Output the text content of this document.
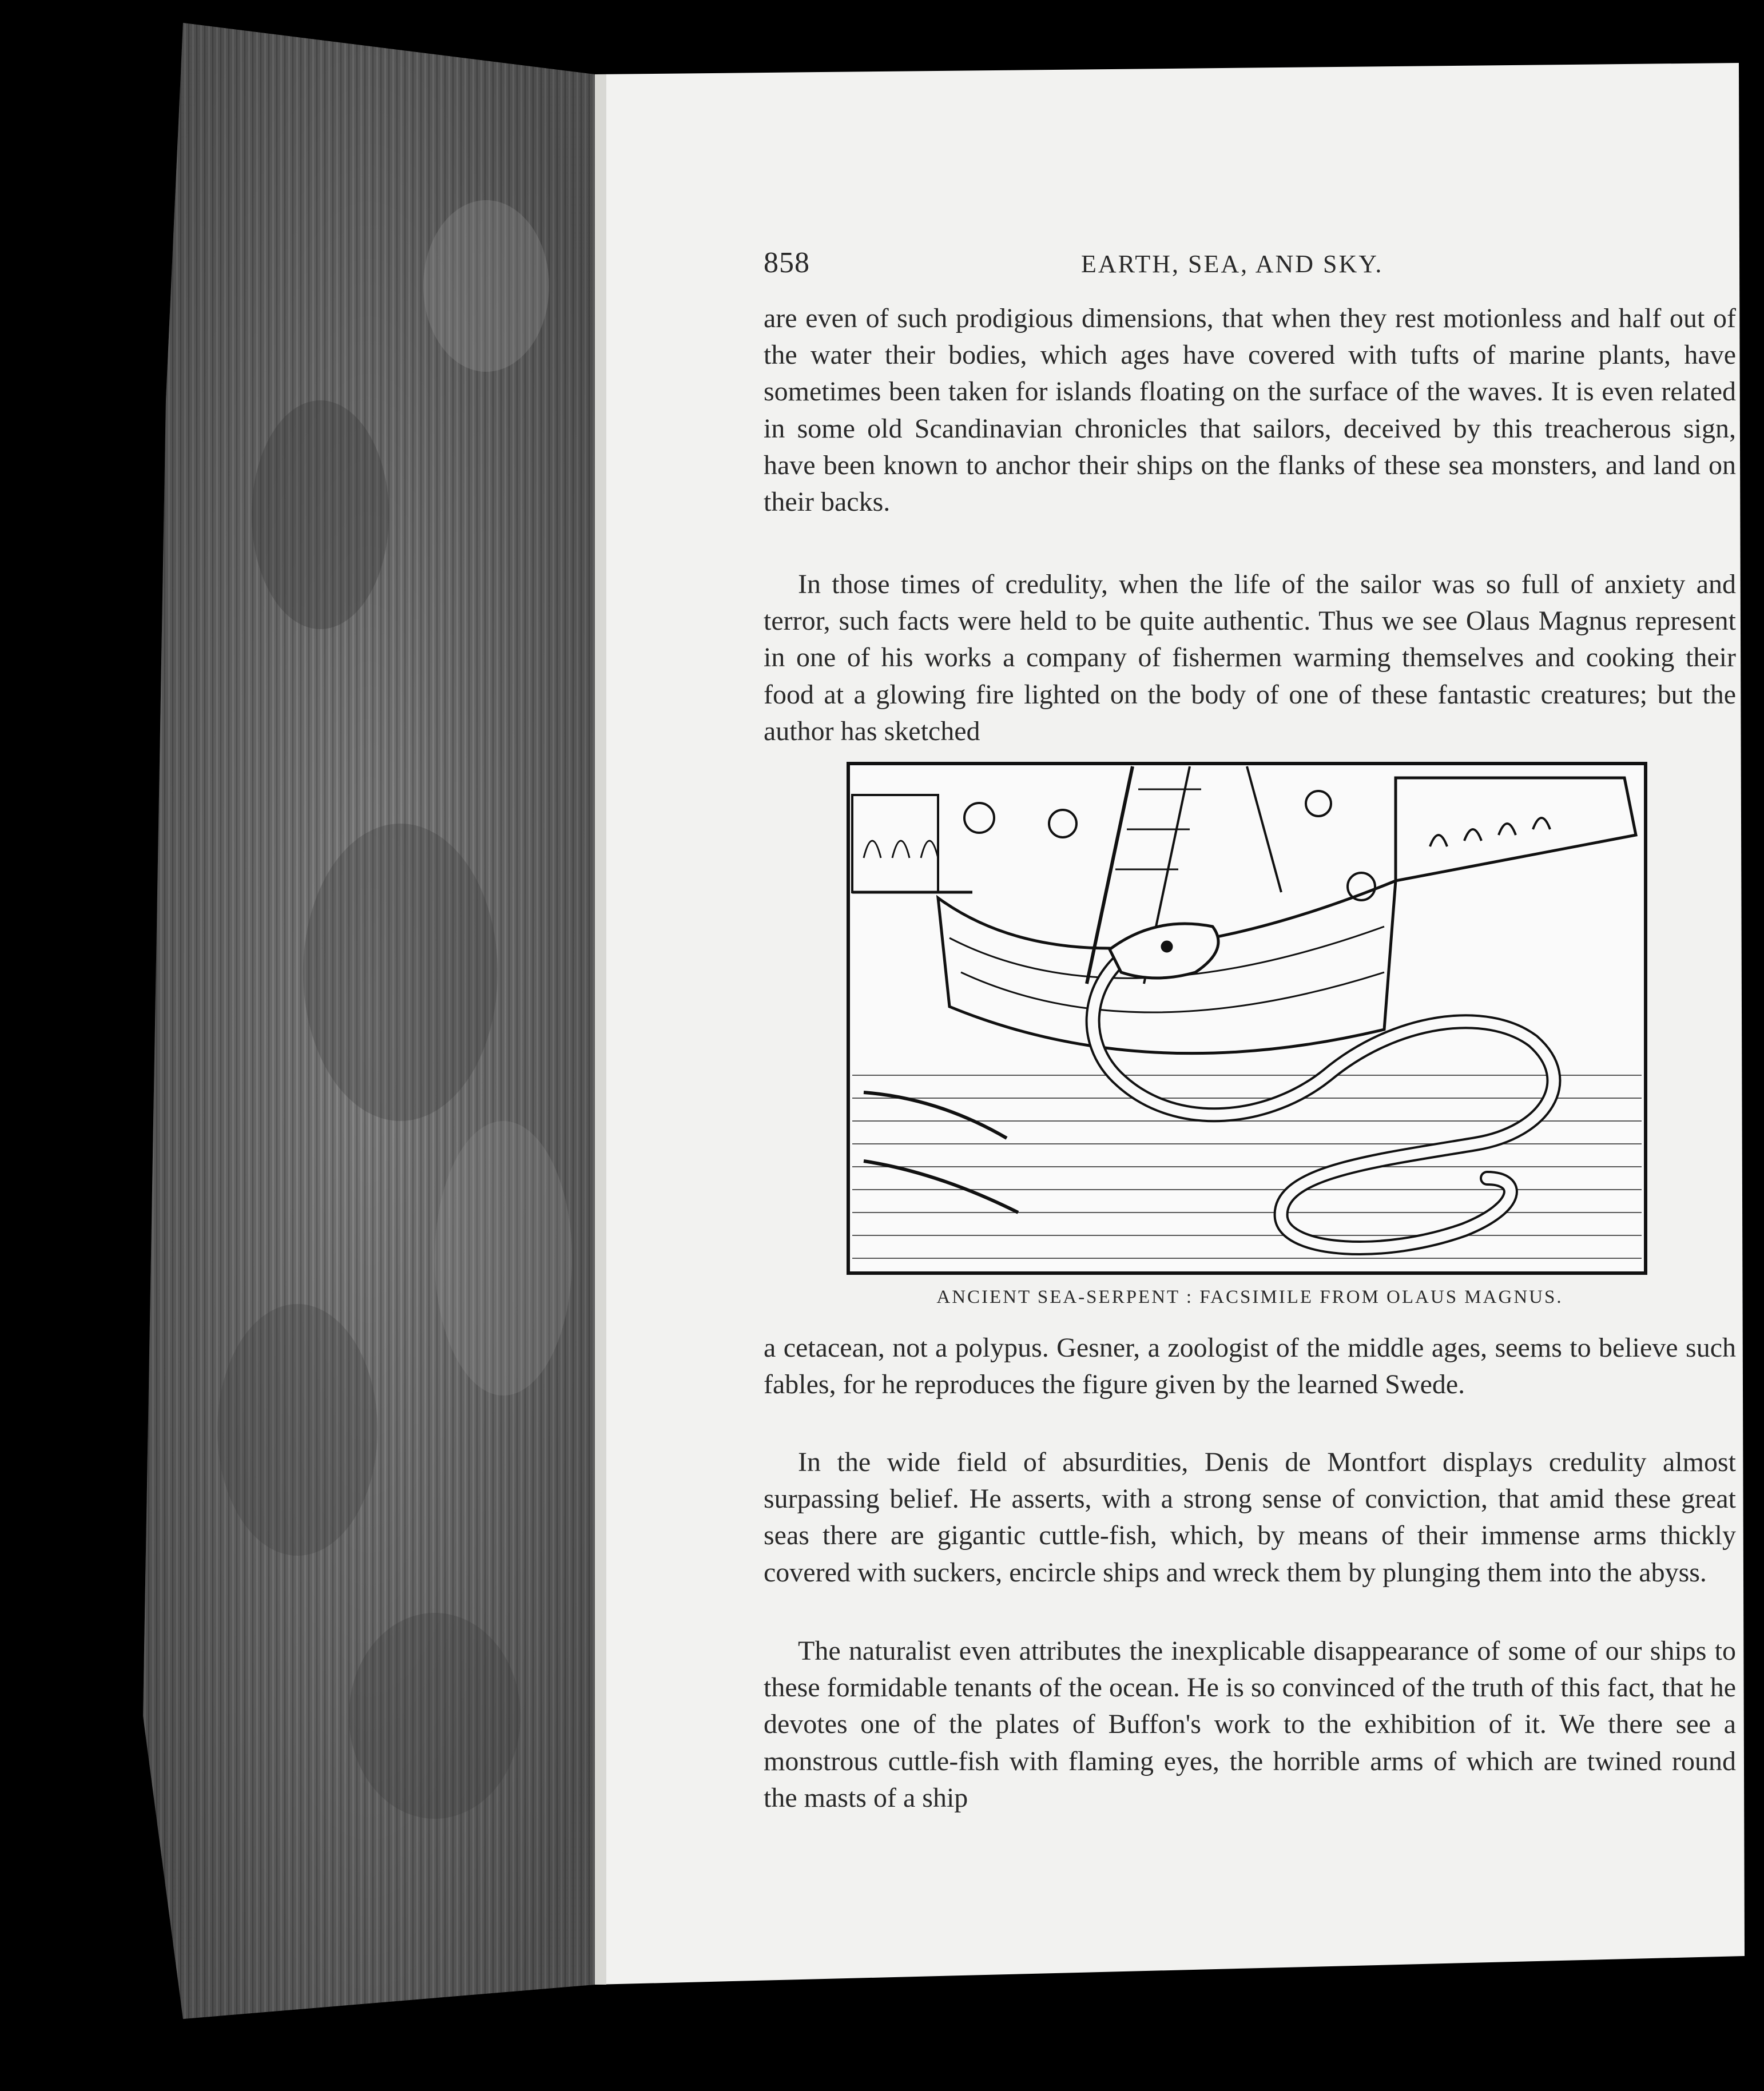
858	EARTH, SEA, AND SKY.
are even of such prodigious dimensions, that when they rest motionless and half out of the water their bodies, which ages have covered with tufts of marine plants, have sometimes been taken for islands floating on the surface of the waves. It is even related in some old Scandinavian chronicles that sailors, deceived by this treacherous sign, have been known to anchor their ships on the flanks of these sea monsters, and land on their backs.
In those times of credulity, when the life of the sailor was so full of anxiety and terror, such facts were held to be quite authentic. Thus we see Olaus Magnus represent in one of his works a company of fishermen warming themselves and cooking their food at a glowing fire lighted on the body of one of these fantastic creatures; but the author has sketched
ANCIENT SEA-SERPENT : FACSIMILE FROM OLAUS MAGNUS.
a cetacean, not a polypus. Gesner, a zoologist of the middle ages, seems to believe such fables, for he reproduces the figure given by the learned Swede.
In the wide field of absurdities, Denis de Montfort displays credulity almost surpassing belief. He asserts, with a strong sense of conviction, that amid these great seas there are gigantic cuttle-fish, which, by means of their immense arms thickly covered with suckers, encircle ships and wreck them by plunging them into the abyss.
The naturalist even attributes the inexplicable disappearance of some of our ships to these formidable tenants of the ocean. He is so convinced of the truth of this fact, that he devotes one of the plates of Buffon's work to the exhibition of it. We there see a monstrous cuttle-fish with flaming eyes, the horrible arms of which are twined round the masts of a ship
